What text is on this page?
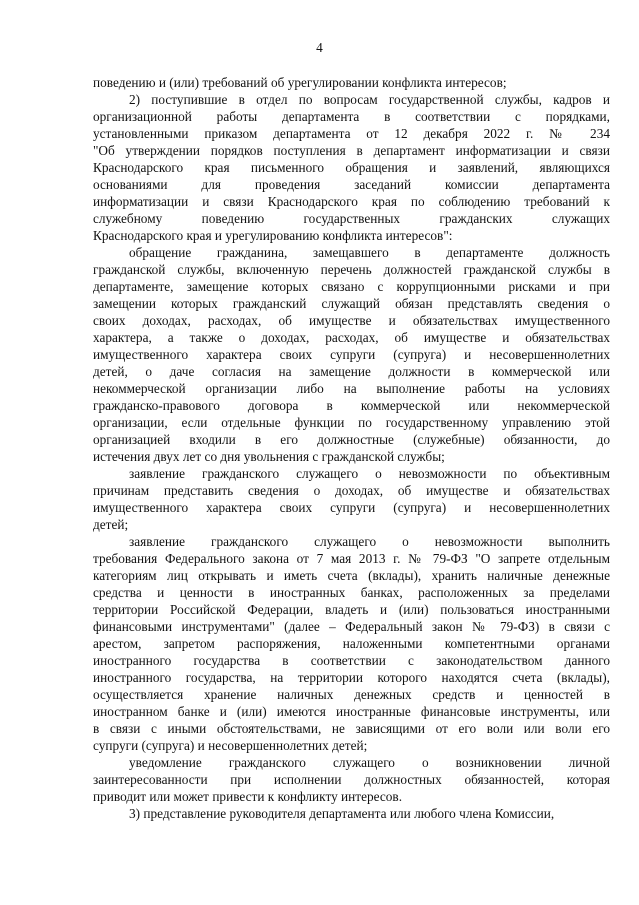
4
поведению и (или) требований об урегулировании конфликта интересов;
2) поступившие в отдел по вопросам государственной службы, кадров и
организационной работы департамента в соответствии с порядками,
установленными приказом департамента от 12 декабря 2022 г. № 234
"Об утверждении порядков поступления в департамент информатизации и связи
Краснодарского края письменного обращения и заявлений, являющихся
основаниями для проведения заседаний комиссии департамента
информатизации и связи Краснодарского края по соблюдению требований к
служебному поведению государственных гражданских служащих
Краснодарского края и урегулированию конфликта интересов":
обращение гражданина, замещавшего в департаменте должность
гражданской службы, включенную перечень должностей гражданской службы в
департаменте, замещение которых связано с коррупционными рисками и при
замещении которых гражданский служащий обязан представлять сведения о
своих доходах, расходах, об имуществе и обязательствах имущественного
характера, а также о доходах, расходах, об имуществе и обязательствах
имущественного характера своих супруги (супруга) и несовершеннолетних
детей, о даче согласия на замещение должности в коммерческой или
некоммерческой организации либо на выполнение работы на условиях
гражданско-правового договора в коммерческой или некоммерческой
организации, если отдельные функции по государственному управлению этой
организацией входили в его должностные (служебные) обязанности, до
истечения двух лет со дня увольнения с гражданской службы;
заявление гражданского служащего о невозможности по объективным
причинам представить сведения о доходах, об имуществе и обязательствах
имущественного характера своих супруги (супруга) и несовершеннолетних
детей;
заявление гражданского служащего о невозможности выполнить
требования Федерального закона от 7 мая 2013 г. № 79-ФЗ "О запрете отдельным
категориям лиц открывать и иметь счета (вклады), хранить наличные денежные
средства и ценности в иностранных банках, расположенных за пределами
территории Российской Федерации, владеть и (или) пользоваться иностранными
финансовыми инструментами" (далее – Федеральный закон № 79-ФЗ) в связи с
арестом, запретом распоряжения, наложенными компетентными органами
иностранного государства в соответствии с законодательством данного
иностранного государства, на территории которого находятся счета (вклады),
осуществляется хранение наличных денежных средств и ценностей в
иностранном банке и (или) имеются иностранные финансовые инструменты, или
в связи с иными обстоятельствами, не зависящими от его воли или воли его
супруги (супруга) и несовершеннолетних детей;
уведомление гражданского служащего о возникновении личной
заинтересованности при исполнении должностных обязанностей, которая
приводит или может привести к конфликту интересов.
3) представление руководителя департамента или любого члена Комиссии,
